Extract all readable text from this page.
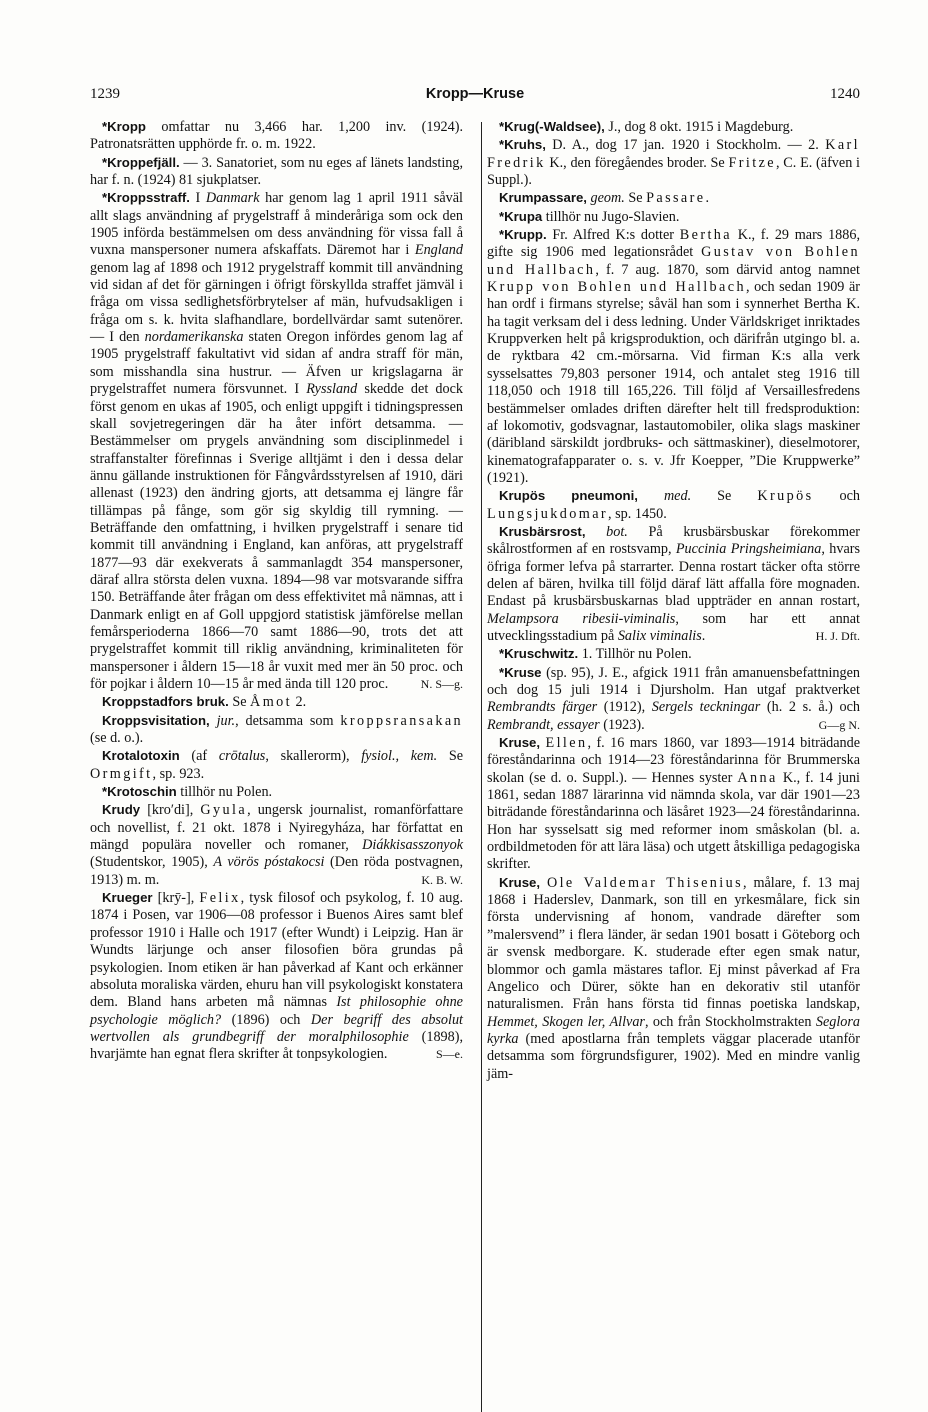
1239	Kropp—Kruse	1240

*Kropp omfattar nu 3,466 har. 1,200 inv. (1924). Patronatsrätten upphörde fr. o. m. 1922.

*Kroppefjäll. — 3. Sanatoriet, som nu eges af länets landsting, har f. n. (1924) 81 sjukplatser.

*Kroppsstraff. I Danmark har genom lag 1 april 1911 såväl allt slags användning af prygelstraff å minderåriga som ock den 1905 införda bestämmelsen om dess användning för vissa fall å vuxna manspersoner numera afskaffats. Däremot har i England genom lag af 1898 och 1912 prygelstraff kommit till användning vid sidan af det för gärningen i öfrigt förskyllda straffet jämväl i fråga om vissa sedlighetsförbrytelser af män, hufvudsakligen i fråga om s. k. hvita slafhandlare, bordellvärdar samt sutenörer. — I den nordamerikanska staten Oregon infördes genom lag af 1905 prygelstraff fakultativt vid sidan af andra straff för män, som misshandla sina hustrur. — Äfven ur krigslagarna är prygelstraffet numera försvunnet. I Ryssland skedde det dock först genom en ukas af 1905, och enligt uppgift i tidningspressen skall sovjetregeringen där ha åter infört detsamma. — Bestämmelser om prygels användning som disciplinmedel i straffanstalter förefinnas i Sverige alltjämt i den i dessa delar ännu gällande instruktionen för Fångvårdsstyrelsen af 1910, däri allenast (1923) den ändring gjorts, att detsamma ej längre får tillämpas på fånge, som gör sig skyldig till rymning. — Beträffande den omfattning, i hvilken prygelstraff i senare tid kommit till användning i England, kan anföras, att prygelstraff 1877—93 där exekverats å sammanlagdt 354 manspersoner, däraf allra största delen vuxna. 1894—98 var motsvarande siffra 150. Beträffande åter frågan om dess effektivitet må nämnas, att i Danmark enligt en af Goll uppgjord statistisk jämförelse mellan femårsperioderna 1866—70 samt 1886—90, trots det att prygelstraffet kommit till riklig användning, kriminaliteten för manspersoner i åldern 15—18 år vuxit med mer än 50 proc. och för pojkar i åldern 10—15 år med ända till 120 proc.	N. S—g.

Kroppstadfors bruk. Se Åmot 2.

Kroppsvisitation, jur., detsamma som kroppsransakan (se d. o.).

Krotalotoxin (af crōtalus, skallerorm), fysiol., kem. Se Ormgift, sp. 923.

*Krotoschin tillhör nu Polen.

Krudy [kro′di], Gyula, ungersk journalist, romanförfattare och novellist, f. 21 okt. 1878 i Nyiregyháza, har författat en mängd populära noveller och romaner, Diákkisasszonyok (Studentskor, 1905), A vörös póstakocsi (Den röda postvagnen, 1913) m. m.	K. B. W.

Krueger [krȳ-], Felix, tysk filosof och psykolog, f. 10 aug. 1874 i Posen, var 1906—08 professor i Buenos Aires samt blef professor 1910 i Halle och 1917 (efter Wundt) i Leipzig. Han är Wundts lärjunge och anser filosofien böra grundas på psykologien. Inom etiken är han påverkad af Kant och erkänner absoluta moraliska värden, ehuru han vill psykologiskt konstatera dem. Bland hans arbeten må nämnas Ist philosophie ohne psychologie möglich? (1896) och Der begriff des absolut wertvollen als grundbegriff der moralphilosophie (1898), hvarjämte han egnat flera skrifter åt tonpsykologien.	S—e.

*Krug(-Waldsee), J., dog 8 okt. 1915 i Magdeburg.

*Kruhs, D. A., dog 17 jan. 1920 i Stockholm. — 2. Karl Fredrik K., den föregåendes broder. Se Fritze, C. E. (äfven i Suppl.).

Krumpassare, geom. Se Passare.

*Krupa tillhör nu Jugo-Slavien.

*Krupp. Fr. Alfred K:s dotter Bertha K., f. 29 mars 1886, gifte sig 1906 med legationsrådet Gustav von Bohlen und Hallbach, f. 7 aug. 1870, som därvid antog namnet Krupp von Bohlen und Hallbach, och sedan 1909 är han ordf i firmans styrelse; såväl han som i synnerhet Bertha K. ha tagit verksam del i dess ledning. Under Världskriget inriktades Kruppverken helt på krigsproduktion, och därifrån utgingo bl. a. de ryktbara 42 cm.-mörsarna. Vid firman K:s alla verk sysselsattes 79,803 personer 1914, och antalet steg 1916 till 118,050 och 1918 till 165,226. Till följd af Versaillesfredens bestämmelser omlades driften därefter helt till fredsproduktion: af lokomotiv, godsvagnar, lastautomobiler, olika slags maskiner (däribland särskildt jordbruks- och sättmaskiner), dieselmotorer, kinematografapparater o. s. v. Jfr Koepper, ”Die Kruppwerke” (1921).

Krupös pneumoni, med. Se Krupös och Lungsjukdomar, sp. 1450.

Krusbärsrost, bot. På krusbärsbuskar förekommer skålrostformen af en rostsvamp, Puccinia Pringsheimiana, hvars öfriga former lefva på starrarter. Denna rostart täcker ofta större delen af bären, hvilka till följd däraf lätt affalla före mognaden. Endast på krusbärsbuskarnas blad uppträder en annan rostart, Melampsora ribesii-viminalis, som har ett annat utvecklingsstadium på Salix viminalis.	H. J. Dft.

*Kruschwitz. 1. Tillhör nu Polen.

*Kruse (sp. 95), J. E., afgick 1911 från amanuensbefattningen och dog 15 juli 1914 i Djursholm. Han utgaf praktverket Rembrandts färger (1912), Sergels teckningar (h. 2 s. å.) och Rembrandt, essayer (1923).	G—g N.

Kruse, Ellen, f. 16 mars 1860, var 1893—1914 biträdande föreståndarinna och 1914—23 föreståndarinna för Brummerska skolan (se d. o. Suppl.). — Hennes syster Anna K., f. 14 juni 1861, sedan 1887 lärarinna vid nämnda skola, var där 1901—23 biträdande föreståndarinna och läsåret 1923—24 föreståndarinna. Hon har sysselsatt sig med reformer inom småskolan (bl. a. ordbildmetoden för att lära läsa) och utgett åtskilliga pedagogiska skrifter.

Kruse, Ole Valdemar Thisenius, målare, f. 13 maj 1868 i Haderslev, Danmark, son till en yrkesmålare, fick sin första undervisning af honom, vandrade därefter som ”malersvend” i flera länder, är sedan 1901 bosatt i Göteborg och är svensk medborgare. K. studerade efter egen smak natur, blommor och gamla mästares taflor. Ej minst påverkad af Fra Angelico och Dürer, sökte han en dekorativ stil utanför naturalismen. Från hans första tid finnas poetiska landskap, Hemmet, Skogen ler, Allvar, och från Stockholmstrakten Seglora kyrka (med apostlarna från templets väggar placerade utanför detsamma som förgrundsfigurer, 1902). Med en mindre vanlig jäm-
